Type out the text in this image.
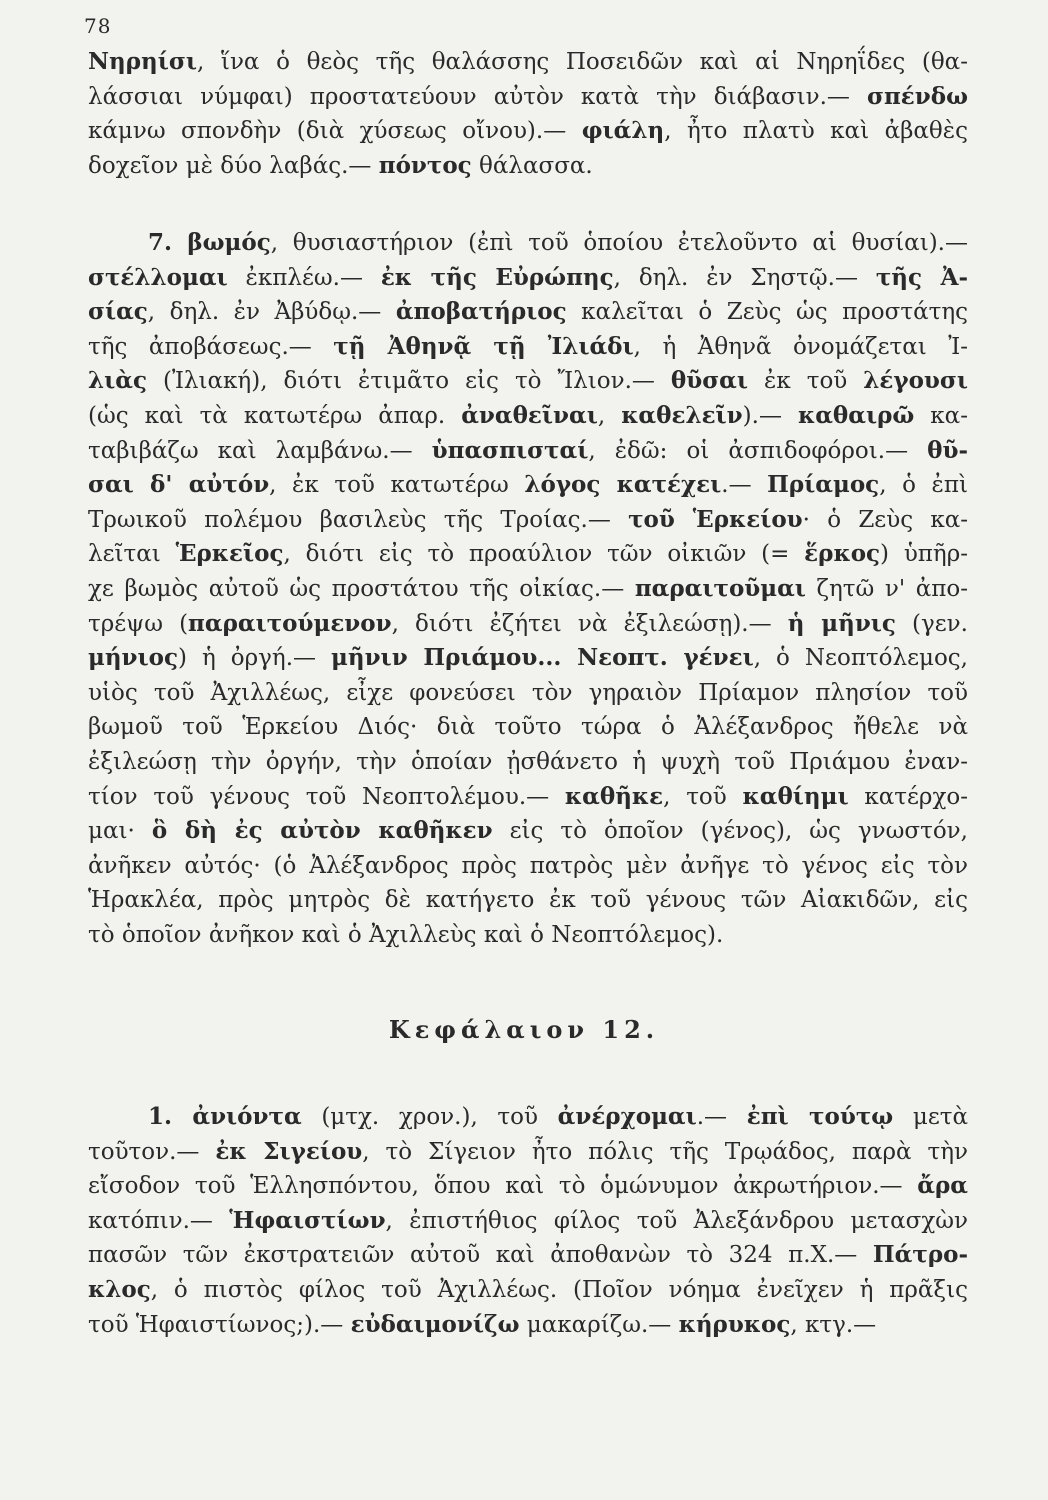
78
Νηρηίσι, ἵνα ὁ θεὸς τῆς θαλάσσης Ποσειδῶν καὶ αἱ Νηρηΐδες (θα-
λάσσιαι νύμφαι) προστατεύουν αὐτὸν κατὰ τὴν διάβασιν.— σπένδω
κάμνω σπονδὴν (διὰ χύσεως οἴνου).— φιάλη, ἦτο πλατὺ καὶ ἀβαθὲς
δοχεῖον μὲ δύο λαβάς.— πόντος θάλασσα.
7. βωμός, θυσιαστήριον (ἐπὶ τοῦ ὁποίου ἐτελοῦντο αἱ θυσίαι).—
στέλλομαι ἐκπλέω.— ἐκ τῆς Εὐρώπης, δηλ. ἐν Σηστῷ.— τῆς Ἀ-
σίας, δηλ. ἐν Ἀβύδῳ.— ἀποβατήριος καλεῖται ὁ Ζεὺς ὡς προστάτης
τῆς ἀποβάσεως.— τῇ Ἀθηνᾷ τῇ Ἰλιάδι, ἡ Ἀθηνᾶ ὀνομάζεται Ἰ-
λιὰς (Ἰλιακή), διότι ἐτιμᾶτο εἰς τὸ Ἴλιον.— θῦσαι ἐκ τοῦ λέγουσι
(ὡς καὶ τὰ κατωτέρω ἀπαρ. ἀναθεῖναι, καθελεῖν).— καθαιρῶ κα-
ταβιβάζω καὶ λαμβάνω.— ὑπασπισταί, ἐδῶ: οἱ ἀσπιδοφόροι.— θῦ-
σαι δ' αὐτόν, ἐκ τοῦ κατωτέρω λόγος κατέχει.— Πρίαμος, ὁ ἐπὶ
Τρωικοῦ πολέμου βασιλεὺς τῆς Τροίας.— τοῦ Ἑρκείου· ὁ Ζεὺς κα-
λεῖται Ἑρκεῖος, διότι εἰς τὸ προαύλιον τῶν οἰκιῶν (= ἕρκος) ὑπῆρ-
χε βωμὸς αὐτοῦ ὡς προστάτου τῆς οἰκίας.— παραιτοῦμαι ζητῶ ν' ἀπο-
τρέψω (παραιτούμενον, διότι ἐζήτει νὰ ἐξιλεώσῃ).— ἡ μῆνις (γεν.
μήνιος) ἡ ὀργή.— μῆνιν Πριάμου... Νεοπτ. γένει, ὁ Νεοπτόλεμος,
υἱὸς τοῦ Ἀχιλλέως, εἶχε φονεύσει τὸν γηραιὸν Πρίαμον πλησίον τοῦ
βωμοῦ τοῦ Ἑρκείου Διός· διὰ τοῦτο τώρα ὁ Ἀλέξανδρος ἤθελε νὰ
ἐξιλεώσῃ τὴν ὀργήν, τὴν ὁποίαν ᾐσθάνετο ἡ ψυχὴ τοῦ Πριάμου ἐναν-
τίον τοῦ γένους τοῦ Νεοπτολέμου.— καθῆκε, τοῦ καθίημι κατέρχο-
μαι· ὃ δὴ ἐς αὐτὸν καθῆκεν εἰς τὸ ὁποῖον (γένος), ὡς γνωστόν,
ἀνῆκεν αὐτός· (ὁ Ἀλέξανδρος πρὸς πατρὸς μὲν ἀνῆγε τὸ γένος εἰς τὸν
Ἡρακλέα, πρὸς μητρὸς δὲ κατήγετο ἐκ τοῦ γένους τῶν Αἰακιδῶν, εἰς
τὸ ὁποῖον ἀνῆκον καὶ ὁ Ἀχιλλεὺς καὶ ὁ Νεοπτόλεμος).
Κεφάλαιον 12.
1. ἀνιόντα (μτχ. χρον.), τοῦ ἀνέρχομαι.— ἐπὶ τούτῳ μετὰ
τοῦτον.— ἐκ Σιγείου, τὸ Σίγειον ἦτο πόλις τῆς Τρῳάδος, παρὰ τὴν
εἴσοδον τοῦ Ἑλλησπόντου, ὅπου καὶ τὸ ὁμώνυμον ἀκρωτήριον.— ἄρα
κατόπιν.— Ἡφαιστίων, ἐπιστήθιος φίλος τοῦ Ἀλεξάνδρου μετασχὼν
πασῶν τῶν ἐκστρατειῶν αὐτοῦ καὶ ἀποθανὼν τὸ 324 π.Χ.— Πάτρο-
κλος, ὁ πιστὸς φίλος τοῦ Ἀχιλλέως. (Ποῖον νόημα ἐνεῖχεν ἡ πρᾶξις
τοῦ Ἡφαιστίωνος;).— εὐδαιμονίζω μακαρίζω.— κήρυκος, κτγ.—
